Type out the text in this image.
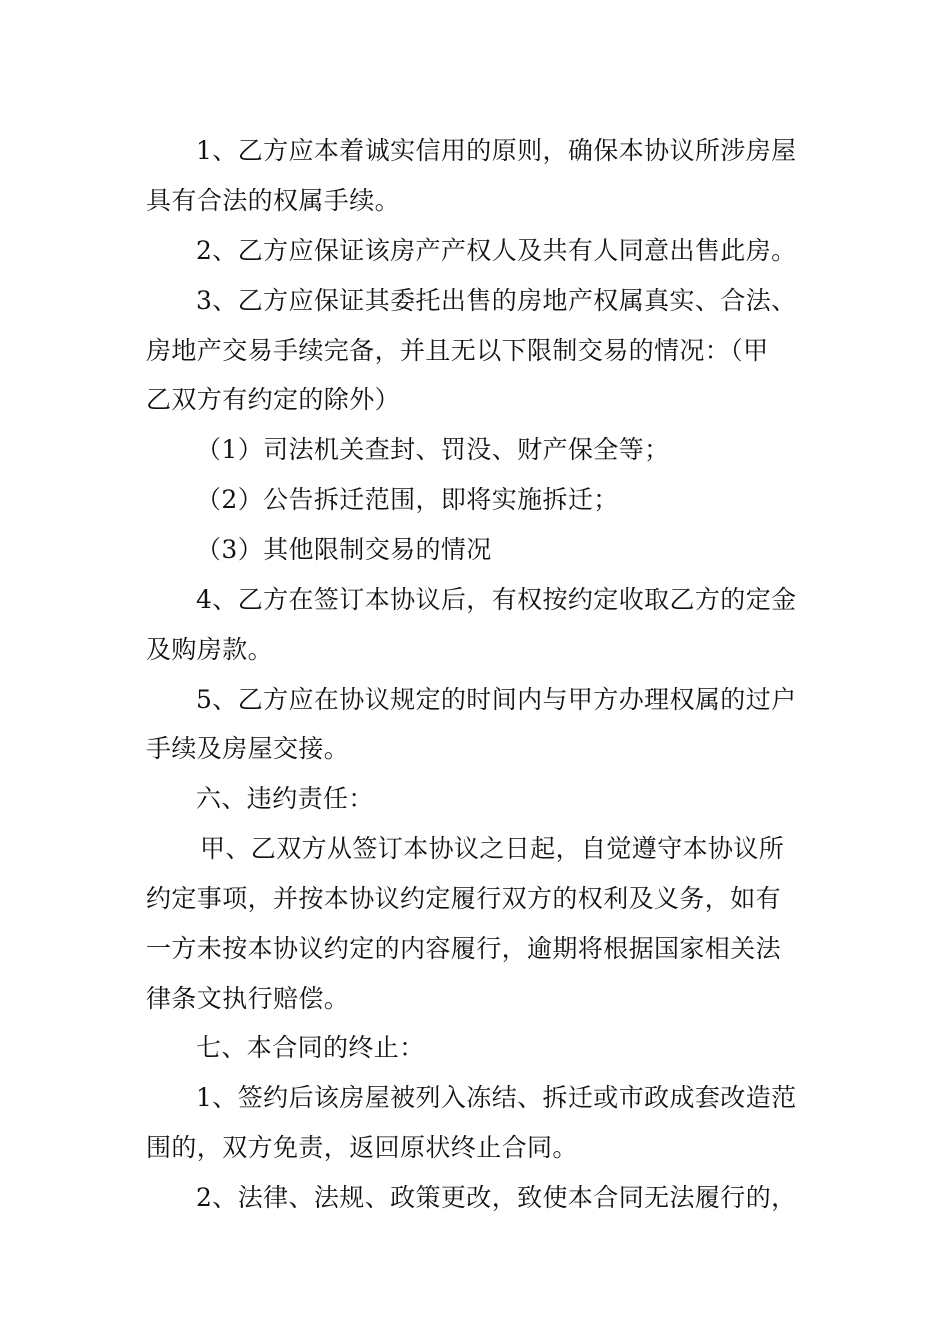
1、乙方应本着诚实信用的原则，确保本协议所涉房屋

具有合法的权属手续。

2、乙方应保证该房产产权人及共有人同意出售此房。

3、乙方应保证其委托出售的房地产权属真实、合法、

房地产交易手续完备，并且无以下限制交易的情况：（甲

乙双方有约定的除外）

（1）司法机关查封、罚没、财产保全等；

（2）公告拆迁范围，即将实施拆迁；

（3）其他限制交易的情况

4、乙方在签订本协议后，有权按约定收取乙方的定金

及购房款。

5、乙方应在协议规定的时间内与甲方办理权属的过户

手续及房屋交接。

六、违约责任：

甲、乙双方从签订本协议之日起，自觉遵守本协议所

约定事项，并按本协议约定履行双方的权利及义务，如有

一方未按本协议约定的内容履行，逾期将根据国家相关法

律条文执行赔偿。

七、本合同的终止：

1、签约后该房屋被列入冻结、拆迁或市政成套改造范

围的，双方免责，返回原状终止合同。

2、法律、法规、政策更改，致使本合同无法履行的，
